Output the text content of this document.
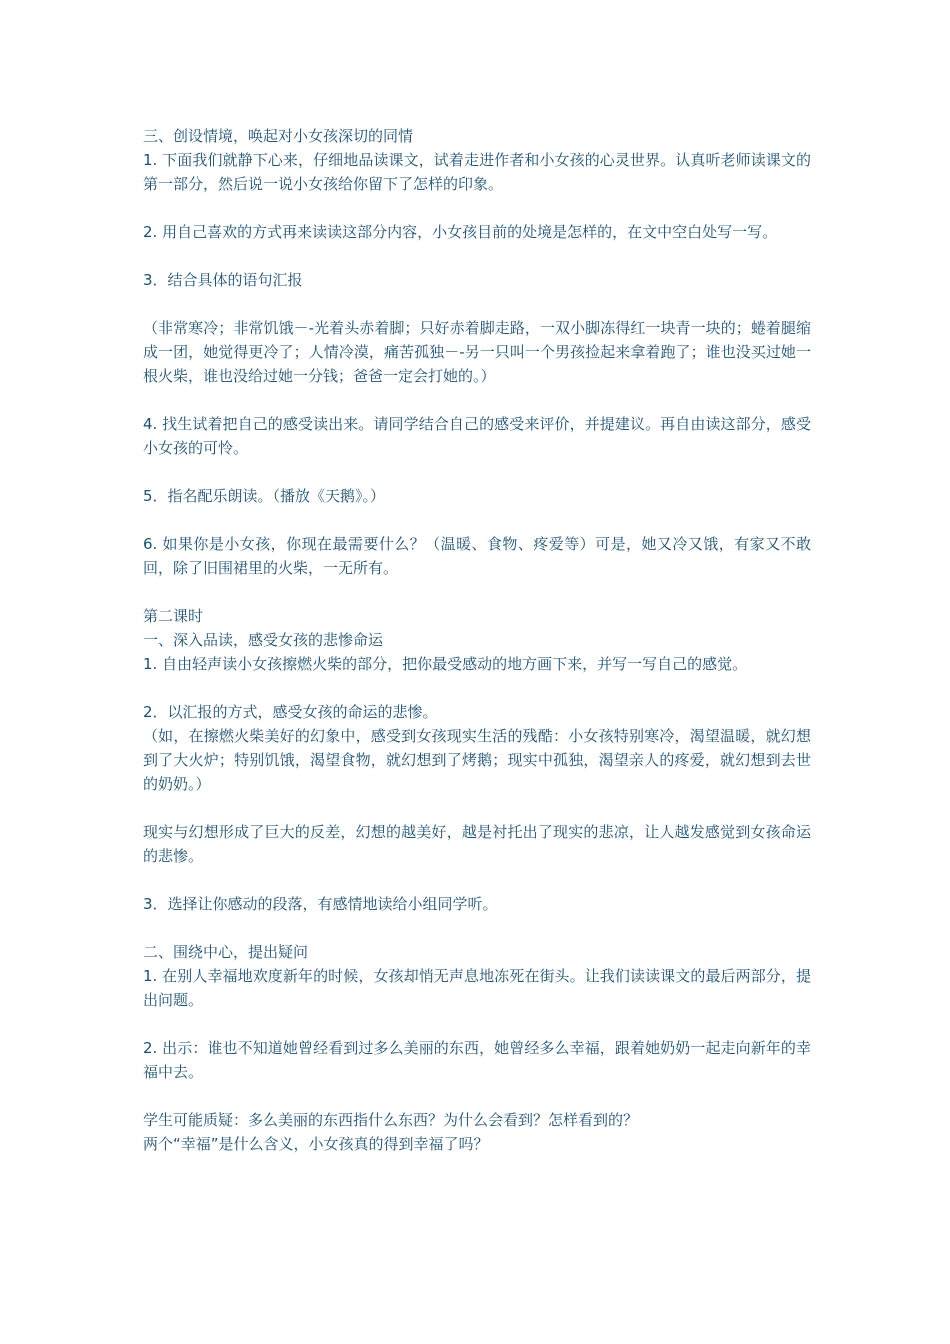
三、创设情境，唤起对小女孩深切的同情

1. 下面我们就静下心来，仔细地品读课文，试着走进作者和小女孩的心灵世界。认真听老师读课文的第一部分，然后说一说小女孩给你留下了怎样的印象。

2. 用自己喜欢的方式再来读读这部分内容，小女孩目前的处境是怎样的，在文中空白处写一写。

3．结合具体的语句汇报

（非常寒冷；非常饥饿－-光着头赤着脚；只好赤着脚走路，一双小脚冻得红一块青一块的；蜷着腿缩成一团，她觉得更冷了；人情冷漠，痛苦孤独－-另一只叫一个男孩捡起来拿着跑了；谁也没买过她一根火柴，谁也没给过她一分钱；爸爸一定会打她的。）

4. 找生试着把自己的感受读出来。请同学结合自己的感受来评价，并提建议。再自由读这部分，感受小女孩的可怜。

5．指名配乐朗读。（播放《天鹅》。）

6. 如果你是小女孩，你现在最需要什么？（温暖、食物、疼爱等）可是，她又冷又饿，有家又不敢回，除了旧围裙里的火柴，一无所有。

第二课时

一、深入品读，感受女孩的悲惨命运

1. 自由轻声读小女孩擦燃火柴的部分，把你最受感动的地方画下来，并写一写自己的感觉。

2．以汇报的方式，感受女孩的命运的悲惨。

（如，在擦燃火柴美好的幻象中，感受到女孩现实生活的残酷：小女孩特别寒冷，渴望温暖，就幻想到了大火炉；特别饥饿，渴望食物，就幻想到了烤鹅；现实中孤独，渴望亲人的疼爱，就幻想到去世的奶奶。）

现实与幻想形成了巨大的反差，幻想的越美好，越是衬托出了现实的悲凉，让人越发感觉到女孩命运的悲惨。

3．选择让你感动的段落，有感情地读给小组同学听。

二、围绕中心，提出疑问

1. 在别人幸福地欢度新年的时候，女孩却悄无声息地冻死在街头。让我们读读课文的最后两部分，提出问题。

2. 出示：谁也不知道她曾经看到过多么美丽的东西，她曾经多么幸福，跟着她奶奶一起走向新年的幸福中去。

学生可能质疑：多么美丽的东西指什么东西？为什么会看到？怎样看到的？

两个“幸福”是什么含义，小女孩真的得到幸福了吗？
